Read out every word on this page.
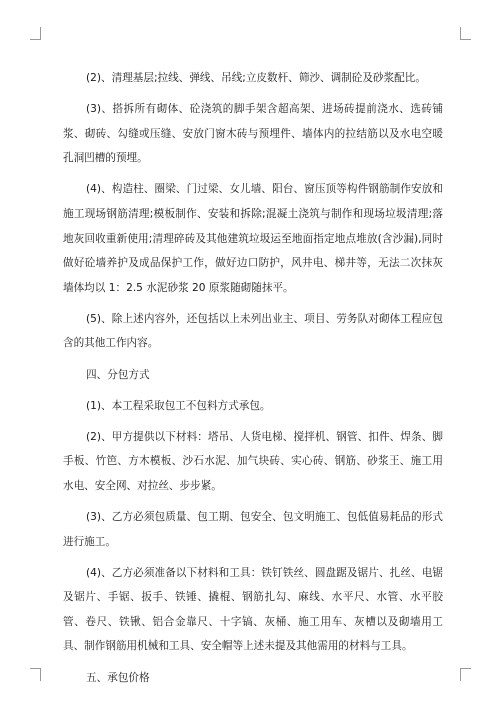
(2)、清理基层;拉线、弹线、吊线;立皮数杆、筛沙、调制砼及砂浆配比。

(3)、搭拆所有砌体、砼浇筑的脚手架含超高架、进场砖提前浇水、选砖铺浆、砌砖、勾缝或压缝、安放门窗木砖与预埋件、墙体内的拉结筋以及水电空暖孔洞凹槽的预埋。

(4)、构造柱、圈梁、门过梁、女儿墙、阳台、窗压顶等构件钢筋制作安放和施工现场钢筋清理;模板制作、安装和拆除;混凝土浇筑与制作和现场垃圾清理;落地灰回收重新使用;清理碎砖及其他建筑垃圾运至地面指定地点堆放(含沙漏),同时做好砼墙养护及成品保护工作，做好边口防护，风井电、梯井等，无法二次抹灰墙体均以 1：2.5 水泥砂浆 20 原浆随砌随抹平。

(5)、除上述内容外，还包括以上未列出业主、项目、劳务队对砌体工程应包含的其他工作内容。

四、分包方式

(1)、本工程采取包工不包料方式承包。

(2)、甲方提供以下材料：塔吊、人货电梯、搅拌机、钢管、扣件、焊条、脚手板、竹笆、方木模板、沙石水泥、加气块砖、实心砖、钢筋、砂浆王、施工用水电、安全网、对拉丝、步步紧。

(3)、乙方必须包质量、包工期、包安全、包文明施工、包低值易耗品的形式进行施工。

(4)、乙方必须准备以下材料和工具：铁钉铁丝、圆盘踞及锯片、扎丝、电锯及锯片、手锯、扳手、铁锤、撬棍、钢筋扎勾、麻线、水平尺、水管、水平胶管、卷尺、铁锹、铝合金靠尺、十字镐、灰桶、施工用车、灰槽以及砌墙用工具、制作钢筋用机械和工具、安全帽等上述未提及其他需用的材料与工具。

五、承包价格
